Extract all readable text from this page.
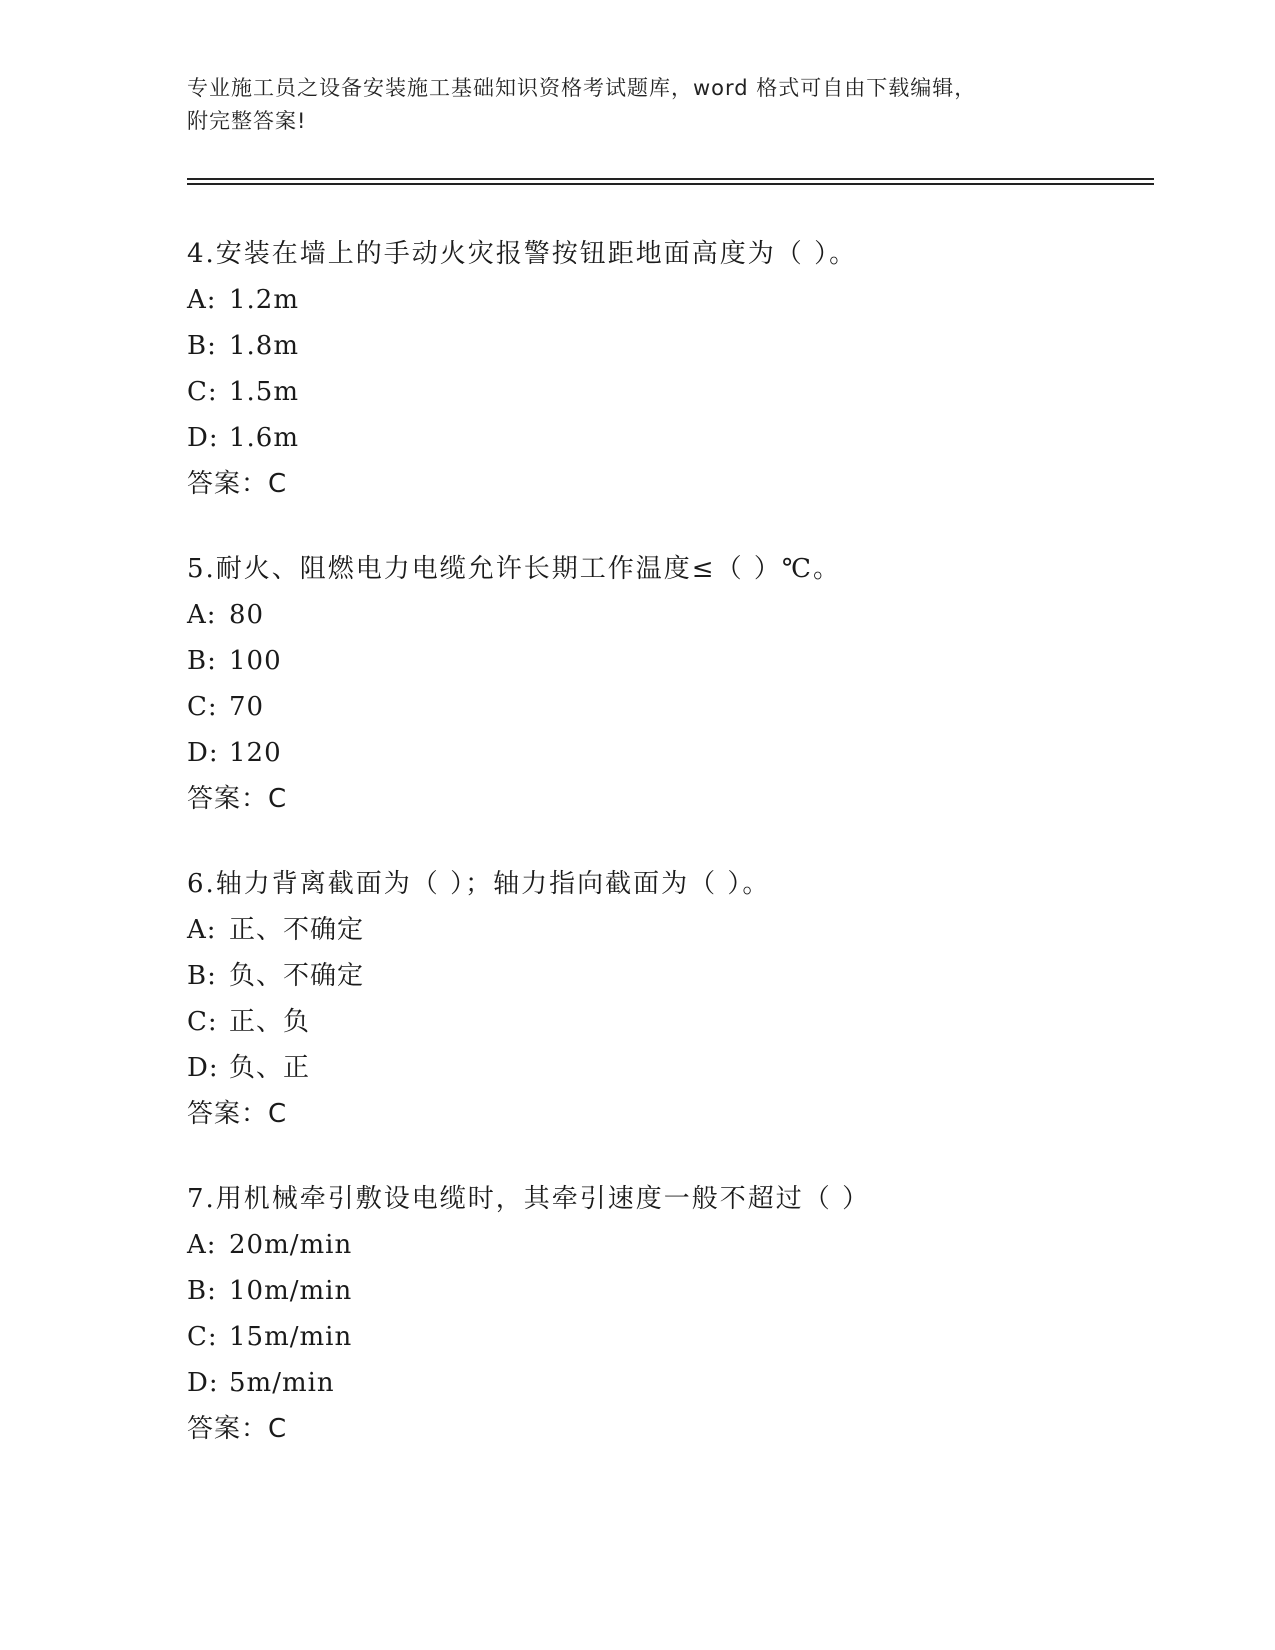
专业施工员之设备安装施工基础知识资格考试题库，word 格式可自由下载编辑，
附完整答案!
4.安装在墙上的手动火灾报警按钮距地面高度为（ ）。
A: 1.2m
B: 1.8m
C: 1.5m
D: 1.6m
答案：C
5.耐火、阻燃电力电缆允许长期工作温度≤（ ）℃。
A: 80
B: 100
C: 70
D: 120
答案：C
6.轴力背离截面为（ ）；轴力指向截面为（ ）。
A: 正、不确定
B: 负、不确定
C: 正、负
D: 负、正
答案：C
7.用机械牵引敷设电缆时，其牵引速度一般不超过（ ）
A: 20m/min
B: 10m/min
C: 15m/min
D: 5m/min
答案：C
